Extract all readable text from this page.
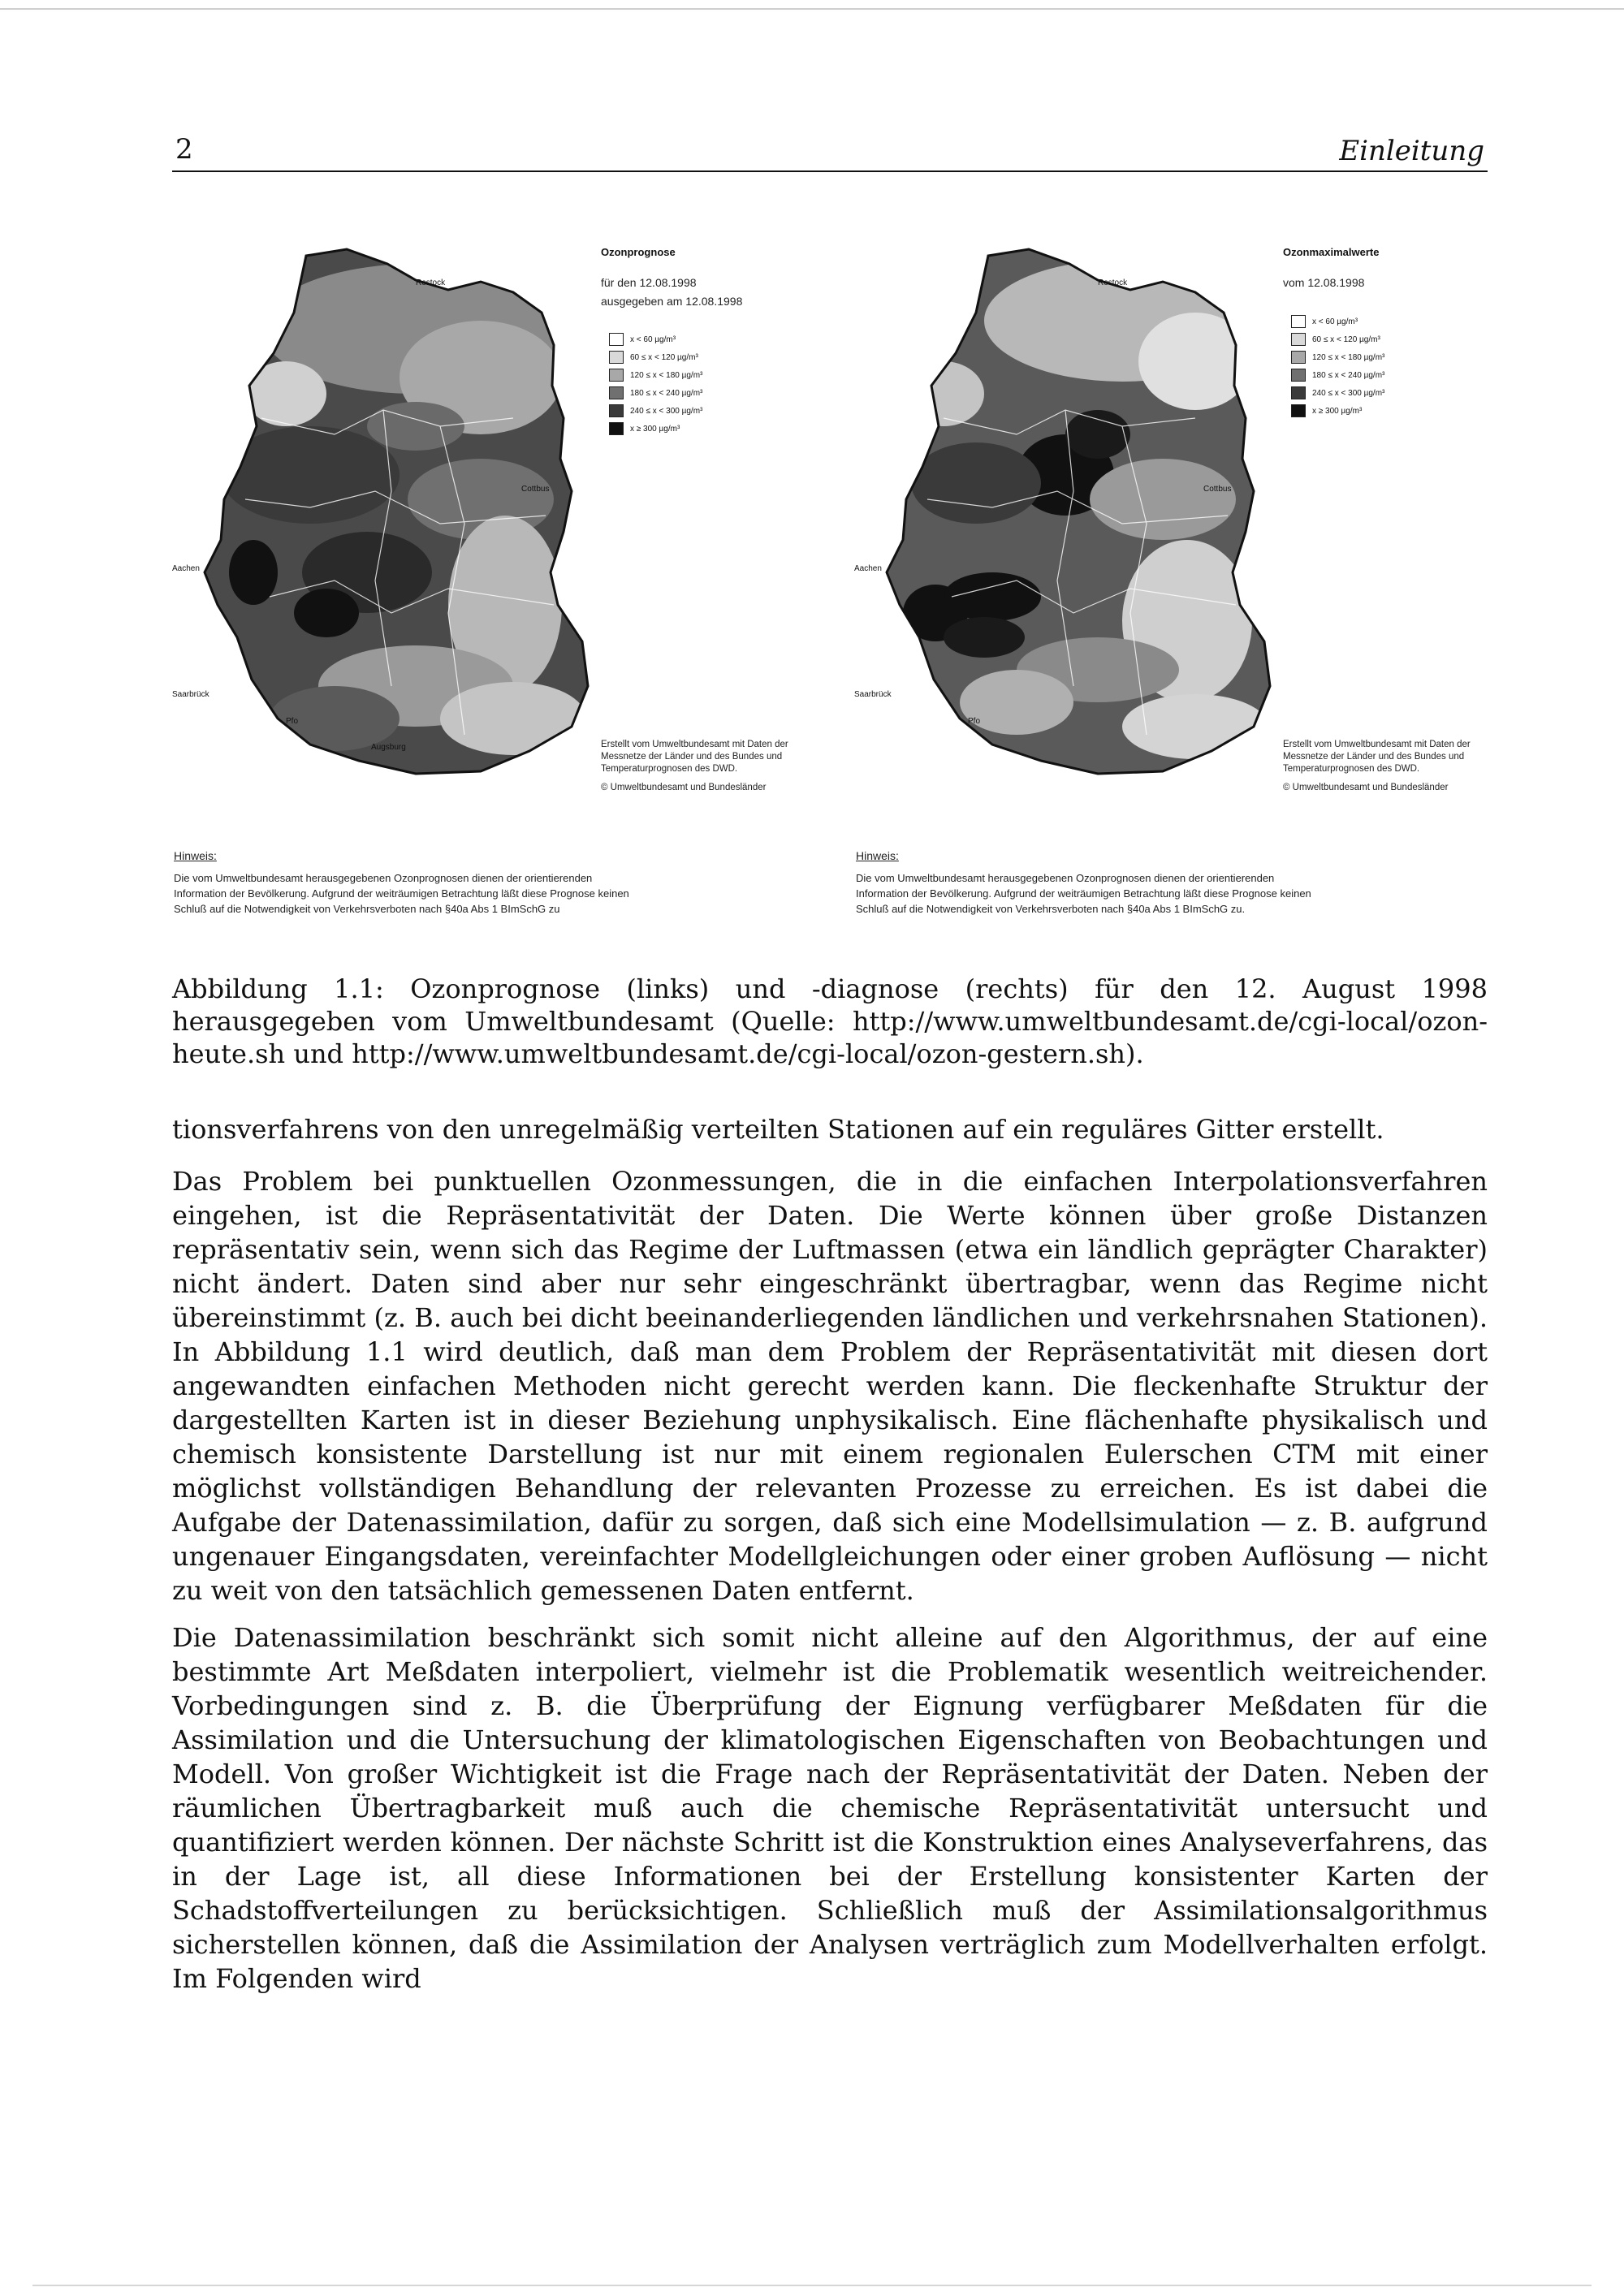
2	Einleitung
Rostock
Cottbus
Aachen
Saarbrück
Pfo
Augsburg
Ozonprognose
für den 12.08.1998
ausgegeben am 12.08.1998
x < 60 µg/m³
60 ≤ x < 120 µg/m³
120 ≤ x < 180 µg/m³
180 ≤ x < 240 µg/m³
240 ≤ x < 300 µg/m³
x ≥ 300 µg/m³

Erstellt vom Umweltbundesamt mit Daten der Messnetze der Länder und des Bundes und Temperaturprognosen des DWD.

© Umweltbundesamt und Bundesländer

Hinweis:
Die vom Umweltbundesamt herausgegebenen Ozonprognosen dienen der orientierenden Information der Bevölkerung. Aufgrund der weiträumigen Betrachtung läßt diese Prognose keinen Schluß auf die Notwendigkeit von Verkehrsverboten nach §40a Abs 1 BImSchG zu
Rostock
Cottbus
Aachen
Saarbrück
Pfo
Ozonmaximalwerte
vom 12.08.1998
x < 60 µg/m³
60 ≤ x < 120 µg/m³
120 ≤ x < 180 µg/m³
180 ≤ x < 240 µg/m³
240 ≤ x < 300 µg/m³
x ≥ 300 µg/m³

Erstellt vom Umweltbundesamt mit Daten der Messnetze der Länder und des Bundes und Temperaturprognosen des DWD.

© Umweltbundesamt und Bundesländer

Hinweis:
Die vom Umweltbundesamt herausgegebenen Ozonprognosen dienen der orientierenden Information der Bevölkerung. Aufgrund der weiträumigen Betrachtung läßt diese Prognose keinen Schluß auf die Notwendigkeit von Verkehrsverboten nach §40a Abs 1 BImSchG zu.
Abbildung 1.1: Ozonprognose (links) und -diagnose (rechts) für den 12. August 1998 herausgegeben vom Umweltbundesamt (Quelle: http://www.umweltbundesamt.de/cgi-local/ozon-heute.sh und http://www.umweltbundesamt.de/cgi-local/ozon-gestern.sh).

tionsverfahrens von den unregelmäßig verteilten Stationen auf ein reguläres Gitter erstellt.

Das Problem bei punktuellen Ozonmessungen, die in die einfachen Interpolationsverfahren eingehen, ist die Repräsentativität der Daten. Die Werte können über große Distanzen repräsentativ sein, wenn sich das Regime der Luftmassen (etwa ein ländlich geprägter Charakter) nicht ändert. Daten sind aber nur sehr eingeschränkt übertragbar, wenn das Regime nicht übereinstimmt (z. B. auch bei dicht beeinanderliegenden ländlichen und verkehrsnahen Stationen). In Abbildung 1.1 wird deutlich, daß man dem Problem der Repräsentativität mit diesen dort angewandten einfachen Methoden nicht gerecht werden kann. Die fleckenhafte Struktur der dargestellten Karten ist in dieser Beziehung unphysikalisch. Eine flächenhafte physikalisch und chemisch konsistente Darstellung ist nur mit einem regionalen Eulerschen CTM mit einer möglichst vollständigen Behandlung der relevanten Prozesse zu erreichen. Es ist dabei die Aufgabe der Datenassimilation, dafür zu sorgen, daß sich eine Modellsimulation — z. B. aufgrund ungenauer Eingangsdaten, vereinfachter Modellgleichungen oder einer groben Auflösung — nicht zu weit von den tatsächlich gemessenen Daten entfernt.

Die Datenassimilation beschränkt sich somit nicht alleine auf den Algorithmus, der auf eine bestimmte Art Meßdaten interpoliert, vielmehr ist die Problematik wesentlich weitreichender. Vorbedingungen sind z. B. die Überprüfung der Eignung verfügbarer Meßdaten für die Assimilation und die Untersuchung der klimatologischen Eigenschaften von Beobachtungen und Modell. Von großer Wichtigkeit ist die Frage nach der Repräsentativität der Daten. Neben der räumlichen Übertragbarkeit muß auch die chemische Repräsentativität untersucht und quantifiziert werden können. Der nächste Schritt ist die Konstruktion eines Analyseverfahrens, das in der Lage ist, all diese Informationen bei der Erstellung konsistenter Karten der Schadstoffverteilungen zu berücksichtigen. Schließlich muß der Assimilationsalgorithmus sicherstellen können, daß die Assimilation der Analysen verträglich zum Modellverhalten erfolgt. Im Folgenden wird
